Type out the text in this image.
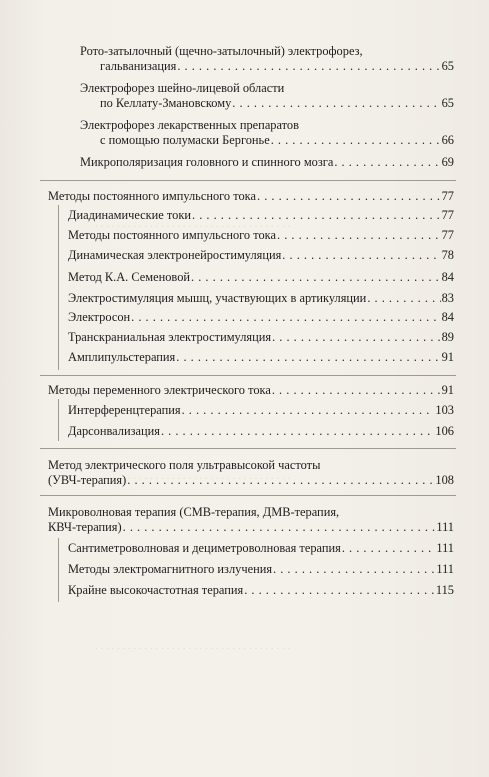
. . . . . . . . . . . . . . . . . . . . . . . . . . . . . . . . . . . .
. . . . . . . . . . . . . . . . . . . . . . . . . . . . . . . . . . . .
. . . . . . . . . . . . . . . . . . . . . . . . . . . . . . . . . . . .
Рото-затылочный (щечно-затылочный) электрофорез,
гальванизация . . .	65
Электрофорез шейно-лицевой области
по Келлату-Змановскому . . .	65
Электрофорез лекарственных препаратов
с помощью полумаски Бергонье . . .	66
Микрополяризация головного и спинного мозга . . .	69
Методы постоянного импульсного тока . . .	77
Диадинамические токи . . .	77
Методы постоянного импульсного тока . . .	77
Динамическая электронейростимуляция . . .	78
Метод К.А. Семеновой . . .	84
Электростимуляция мышц, участвующих в артикуляции . . .	83
Электросон . . .	84
Транскраниальная электростимуляция . . .	89
Амплипульстерапия . . .	91
Методы переменного электрического тока . . .	91
Интерференцтерапия . . .	103
Дарсонвализация . . .	106
Метод электрического поля ультравысокой частоты
(УВЧ-терапия) . . .	108
Микроволновая терапия (СМВ-терапия, ДМВ-терапия,
КВЧ-терапия) . . .	111
Сантиметроволновая и дециметроволновая терапия . . .	111
Методы электромагнитного излучения . . .	111
Крайне высокочастотная терапия . . .	115
